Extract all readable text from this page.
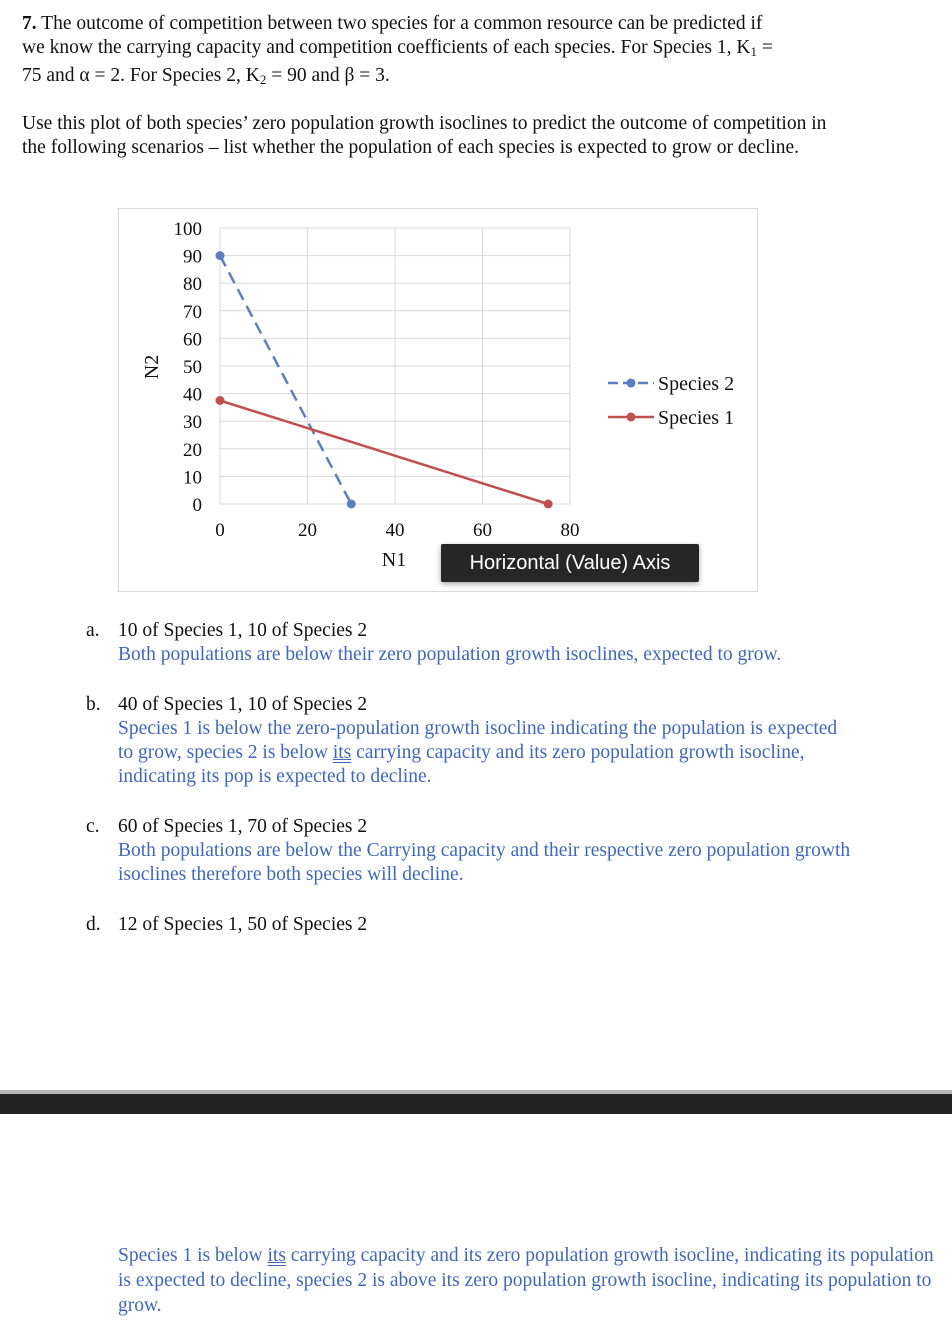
7. The outcome of competition between two species for a common resource can be predicted if
we know the carrying capacity and competition coefficients of each species. For Species 1, $K_1$ =
75 and α = 2. For Species 2, $K_2 = 90$ and β = 3.

Use this plot of both species’ zero population growth isoclines to predict the outcome of competition in the following scenarios – list whether the population of each species is expected to grow or decline.

0
10
20
30
40
50
60
70
80
90
100
0	20	40	60	80
N2
N1
Species 2
Species 1
Horizontal (Value) Axis
a. 10 of Species 1, 10 of Species 2
Both populations are below their zero population growth isoclines, expected to grow.
b. 40 of Species 1, 10 of Species 2
Species 1 is below the zero-population growth isocline indicating the population is expected to grow, species 2 is below its carrying capacity and its zero population growth isocline, indicating its pop is expected to decline.
c. 60 of Species 1, 70 of Species 2
Both populations are below the Carrying capacity and their respective zero population growth isoclines therefore both species will decline.
d. 12 of Species 1, 50 of Species 2
Species 1 is below its carrying capacity and its zero population growth isocline, indicating its population is expected to decline, species 2 is above its zero population growth isocline, indicating its population to grow.
